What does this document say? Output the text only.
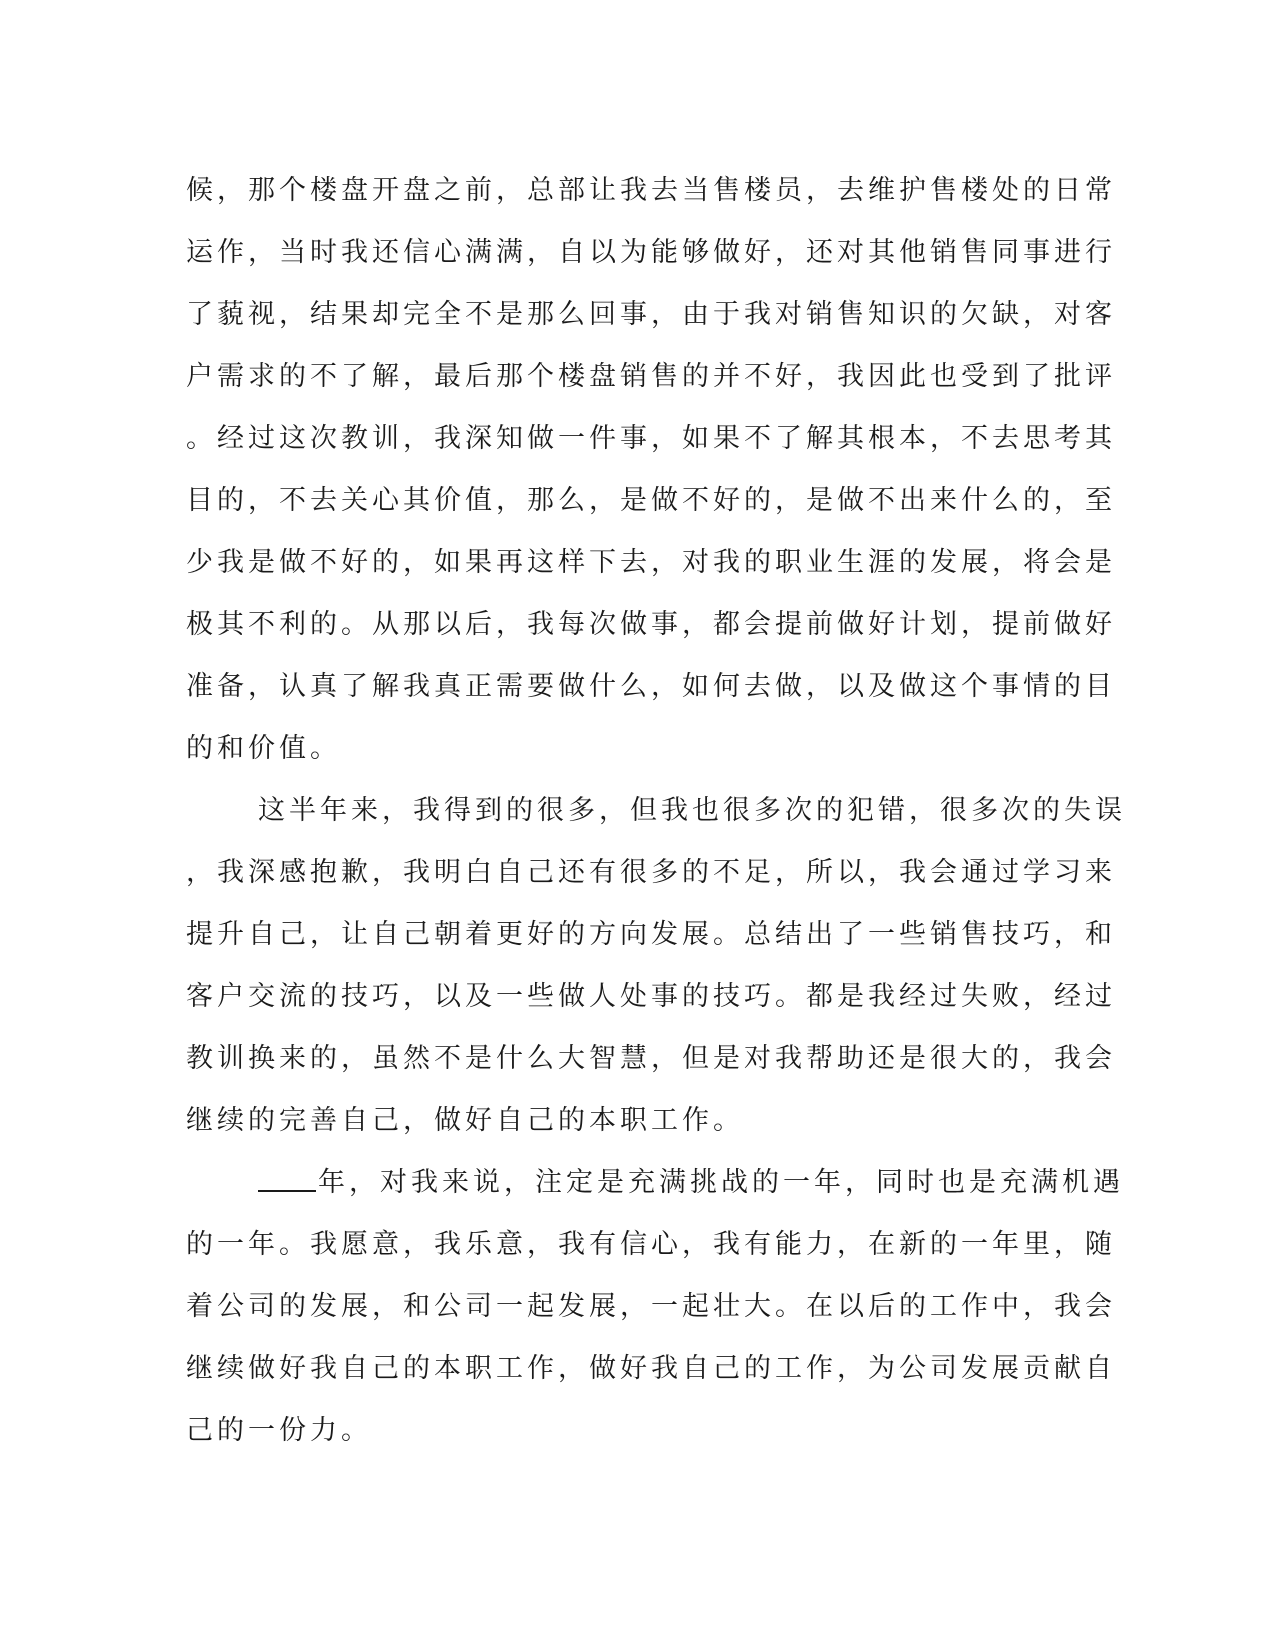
候，那个楼盘开盘之前，总部让我去当售楼员，去维护售楼处的日常
运作，当时我还信心满满，自以为能够做好，还对其他销售同事进行
了藐视，结果却完全不是那么回事，由于我对销售知识的欠缺，对客
户需求的不了解，最后那个楼盘销售的并不好，我因此也受到了批评
。经过这次教训，我深知做一件事，如果不了解其根本，不去思考其
目的，不去关心其价值，那么，是做不好的，是做不出来什么的，至
少我是做不好的，如果再这样下去，对我的职业生涯的发展，将会是
极其不利的。从那以后，我每次做事，都会提前做好计划，提前做好
准备，认真了解我真正需要做什么，如何去做，以及做这个事情的目
的和价值。
这半年来，我得到的很多，但我也很多次的犯错，很多次的失误
，我深感抱歉，我明白自己还有很多的不足，所以，我会通过学习来
提升自己，让自己朝着更好的方向发展。总结出了一些销售技巧，和
客户交流的技巧，以及一些做人处事的技巧。都是我经过失败，经过
教训换来的，虽然不是什么大智慧，但是对我帮助还是很大的，我会
继续的完善自己，做好自己的本职工作。
年，对我来说，注定是充满挑战的一年，同时也是充满机遇
的一年。我愿意，我乐意，我有信心，我有能力，在新的一年里，随
着公司的发展，和公司一起发展，一起壮大。在以后的工作中，我会
继续做好我自己的本职工作，做好我自己的工作，为公司发展贡献自
己的一份力。
